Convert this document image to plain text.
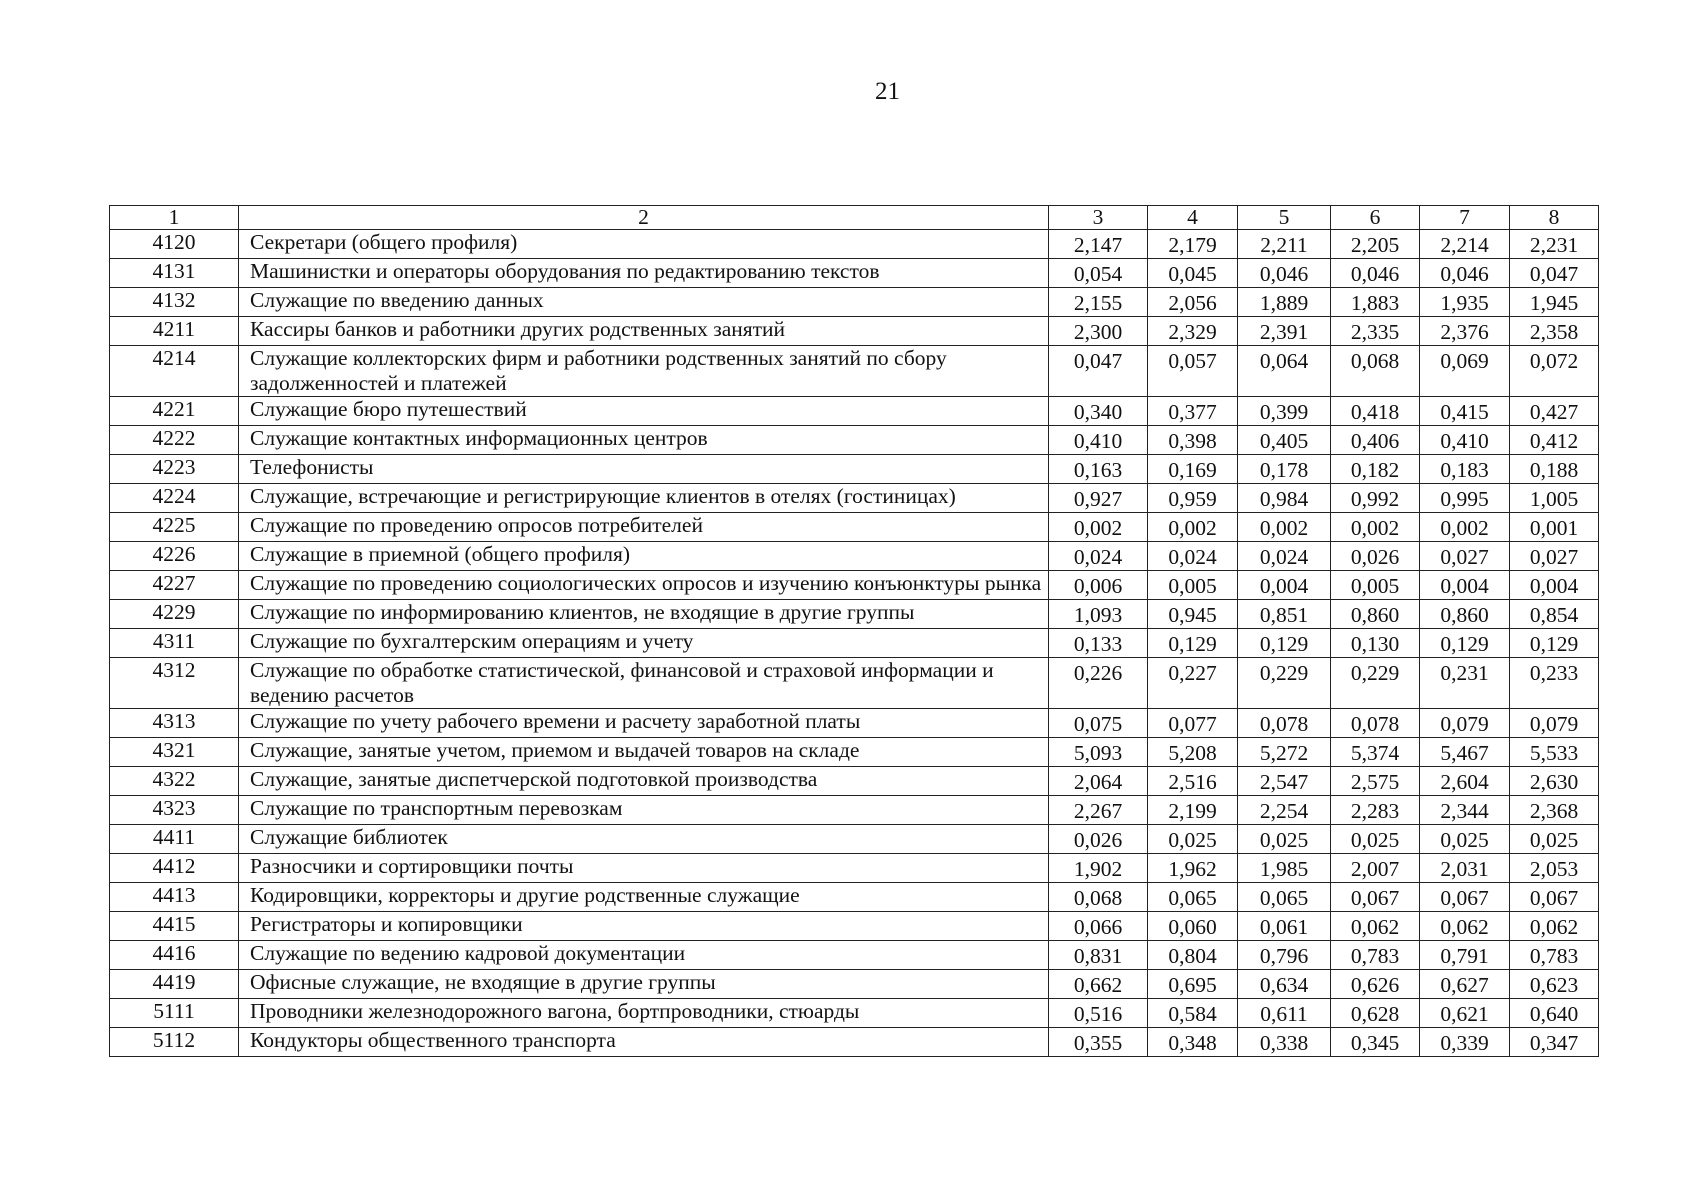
21
1	2	3	4	5	6	7	8
4120	Секретари (общего профиля)	2,147	2,179	2,211	2,205	2,214	2,231
4131	Машинистки и операторы оборудования по редактированию текстов	0,054	0,045	0,046	0,046	0,046	0,047
4132	Служащие по введению данных	2,155	2,056	1,889	1,883	1,935	1,945
4211	Кассиры банков и работники других родственных занятий	2,300	2,329	2,391	2,335	2,376	2,358
4214	Служащие коллекторских фирм и работники родственных занятий по сбору задолженностей и платежей	0,047	0,057	0,064	0,068	0,069	0,072
4221	Служащие бюро путешествий	0,340	0,377	0,399	0,418	0,415	0,427
4222	Служащие контактных информационных центров	0,410	0,398	0,405	0,406	0,410	0,412
4223	Телефонисты	0,163	0,169	0,178	0,182	0,183	0,188
4224	Служащие, встречающие и регистрирующие клиентов в отелях (гостиницах)	0,927	0,959	0,984	0,992	0,995	1,005
4225	Служащие по проведению опросов потребителей	0,002	0,002	0,002	0,002	0,002	0,001
4226	Служащие в приемной (общего профиля)	0,024	0,024	0,024	0,026	0,027	0,027
4227	Служащие по проведению социологических опросов и изучению конъюнктуры рынка	0,006	0,005	0,004	0,005	0,004	0,004
4229	Служащие по информированию клиентов, не входящие в другие группы	1,093	0,945	0,851	0,860	0,860	0,854
4311	Служащие по бухгалтерским операциям и учету	0,133	0,129	0,129	0,130	0,129	0,129
4312	Служащие по обработке статистической, финансовой и страховой информации и ведению расчетов	0,226	0,227	0,229	0,229	0,231	0,233
4313	Служащие по учету рабочего времени и расчету заработной платы	0,075	0,077	0,078	0,078	0,079	0,079
4321	Служащие, занятые учетом, приемом и выдачей товаров на складе	5,093	5,208	5,272	5,374	5,467	5,533
4322	Служащие, занятые диспетчерской подготовкой производства	2,064	2,516	2,547	2,575	2,604	2,630
4323	Служащие по транспортным перевозкам	2,267	2,199	2,254	2,283	2,344	2,368
4411	Служащие библиотек	0,026	0,025	0,025	0,025	0,025	0,025
4412	Разносчики и сортировщики почты	1,902	1,962	1,985	2,007	2,031	2,053
4413	Кодировщики, корректоры и другие родственные служащие	0,068	0,065	0,065	0,067	0,067	0,067
4415	Регистраторы и копировщики	0,066	0,060	0,061	0,062	0,062	0,062
4416	Служащие по ведению кадровой документации	0,831	0,804	0,796	0,783	0,791	0,783
4419	Офисные служащие, не входящие в другие группы	0,662	0,695	0,634	0,626	0,627	0,623
5111	Проводники железнодорожного вагона, бортпроводники, стюарды	0,516	0,584	0,611	0,628	0,621	0,640
5112	Кондукторы общественного транспорта	0,355	0,348	0,338	0,345	0,339	0,347
